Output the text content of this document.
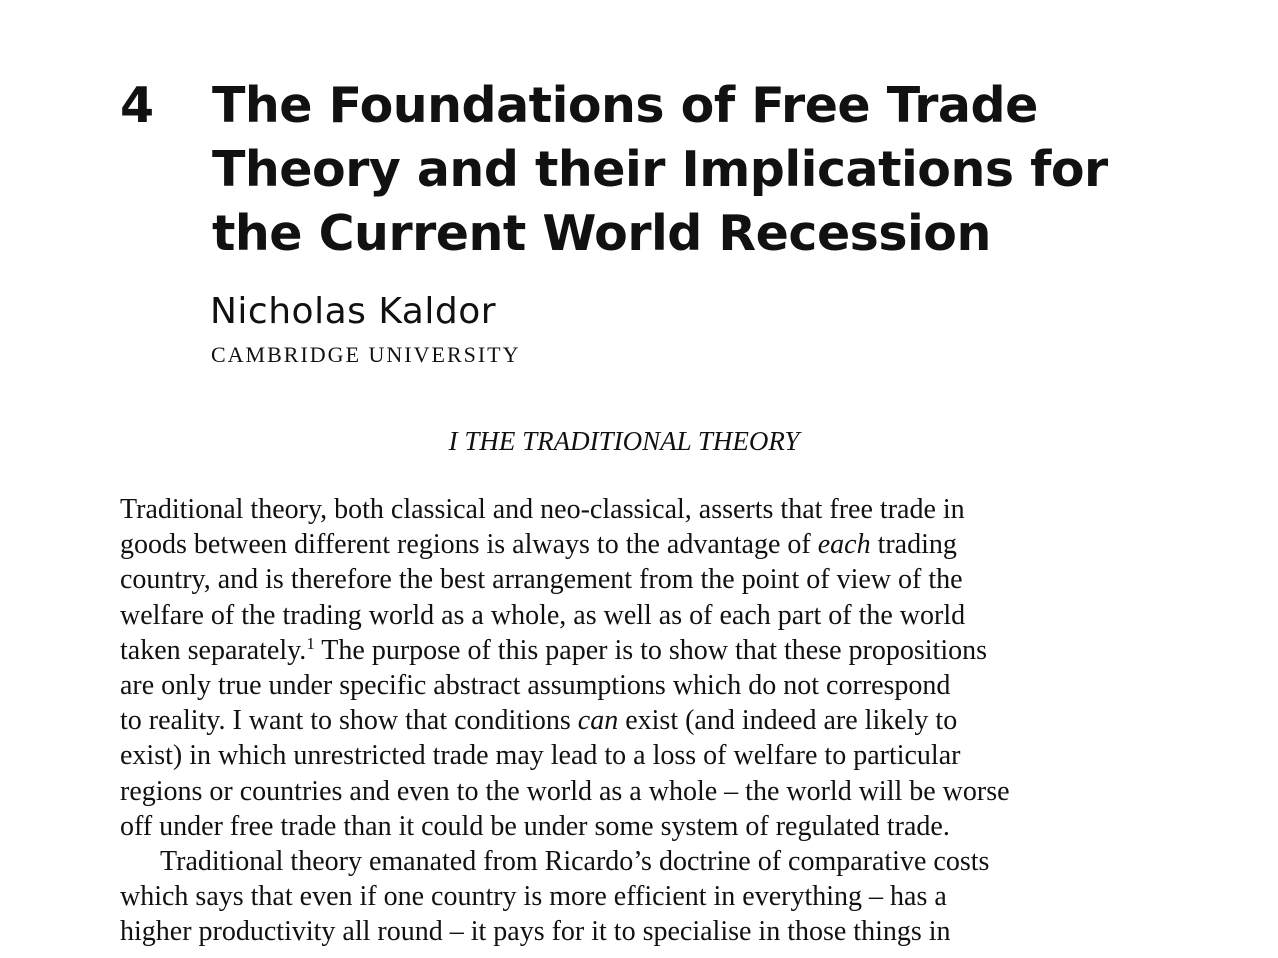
4 The Foundations of Free Trade
Theory and their Implications for
the Current World Recession
Nicholas Kaldor
CAMBRIDGE UNIVERSITY
I THE TRADITIONAL THEORY
Traditional theory, both classical and neo-classical, asserts that free trade in
goods between different regions is always to the advantage of each trading
country, and is therefore the best arrangement from the point of view of the
welfare of the trading world as a whole, as well as of each part of the world
taken separately.$^1$ The purpose of this paper is to show that these propositions
are only true under specific abstract assumptions which do not correspond
to reality. I want to show that conditions can exist (and indeed are likely to
exist) in which unrestricted trade may lead to a loss of welfare to particular
regions or countries and even to the world as a whole – the world will be worse
off under free trade than it could be under some system of regulated trade.
Traditional theory emanated from Ricardo’s doctrine of comparative costs
which says that even if one country is more efficient in everything – has a
higher productivity all round – it pays for it to specialise in those things in
